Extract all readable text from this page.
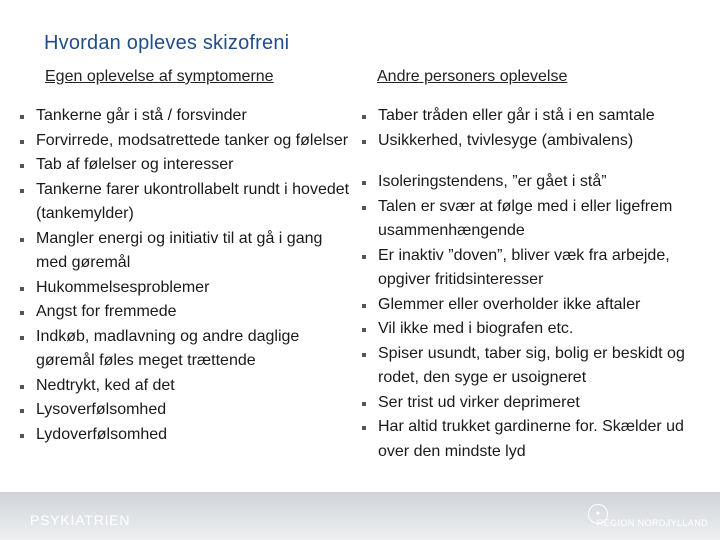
Hvordan opleves skizofreni
Egen oplevelse af symptomerne	Andre personers oplevelse
Tankerne går i stå / forsvinder
Forvirrede, modsatrettede tanker og følelser
Tab af følelser og interesser
Tankerne farer ukontrollabelt rundt i hovedet (tankemylder)
Mangler energi og initiativ til at gå i gang med gøremål
Hukommelsesproblemer
Angst for fremmede
Indkøb, madlavning og andre daglige gøremål føles meget trættende
Nedtrykt, ked af det
Lysoverfølsomhed
Lydoverfølsomhed
Taber tråden eller går i stå i en samtale
Usikkerhed, tvivlesyge (ambivalens)
Isoleringstendens, ”er gået i stå”
Talen er svær at følge med i eller ligefrem usammenhængende
Er inaktiv ”doven”, bliver væk fra arbejde, opgiver fritidsinteresser
Glemmer eller overholder ikke aftaler
Vil ikke med i biografen etc.
Spiser usundt, taber sig, bolig er beskidt og rodet, den syge er usoigneret
Ser trist ud virker deprimeret
Har altid trukket gardinerne for. Skælder ud over den mindste lyd
PSYKIATRIEN	✦
REGION NORDJYLLAND
